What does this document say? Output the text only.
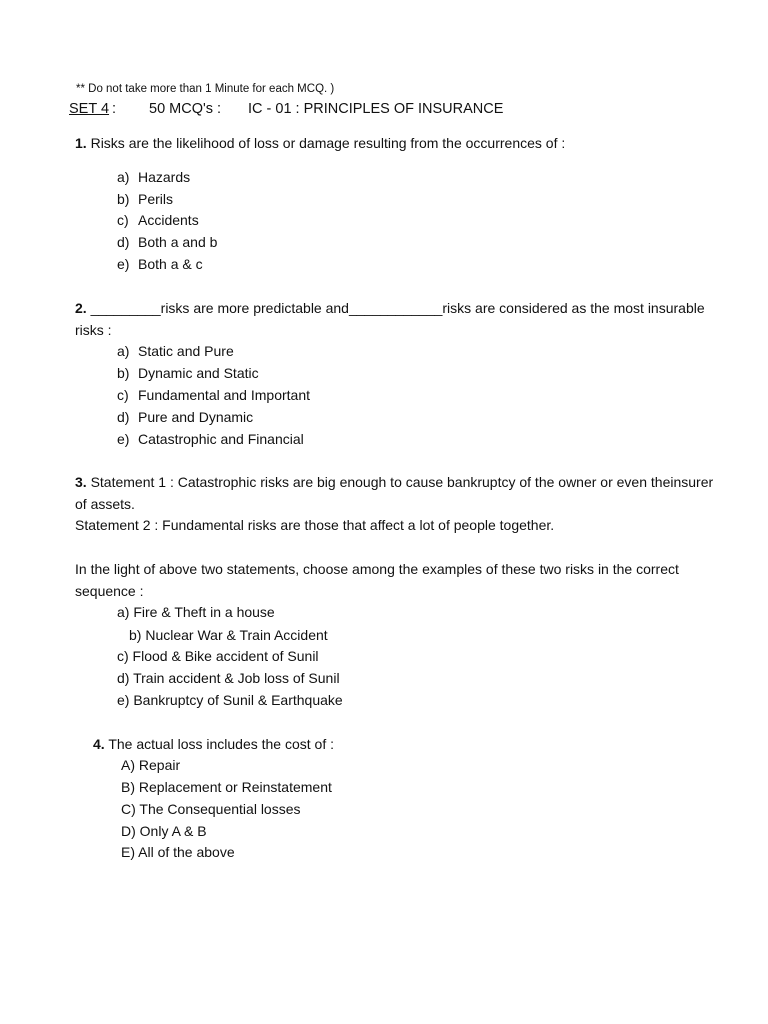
** Do not take more than 1 Minute for each MCQ. )
SET 4 : 50 MCQ's : IC - 01 : PRINCIPLES OF INSURANCE
1. Risks are the likelihood of loss or damage resulting from the occurrences of :
a) Hazards
b) Perils
c) Accidents
d) Both a and b
e) Both a & c
2. _________risks are more predictable and____________risks are considered as the most insurable
risks :
a) Static and Pure
b) Dynamic and Static
c) Fundamental and Important
d) Pure and Dynamic
e) Catastrophic and Financial
3. Statement 1 : Catastrophic risks are big enough to cause bankruptcy of the owner or even theinsurer
of assets.
Statement 2 : Fundamental risks are those that affect a lot of people together.
In the light of above two statements, choose among the examples of these two risks in the correct
sequence :
a) Fire & Theft in a house
b) Nuclear War & Train Accident
c) Flood & Bike accident of Sunil
d) Train accident & Job loss of Sunil
e) Bankruptcy of Sunil & Earthquake
4. The actual loss includes the cost of :
A) Repair
B) Replacement or Reinstatement
C) The Consequential losses
D) Only A & B
E) All of the above
